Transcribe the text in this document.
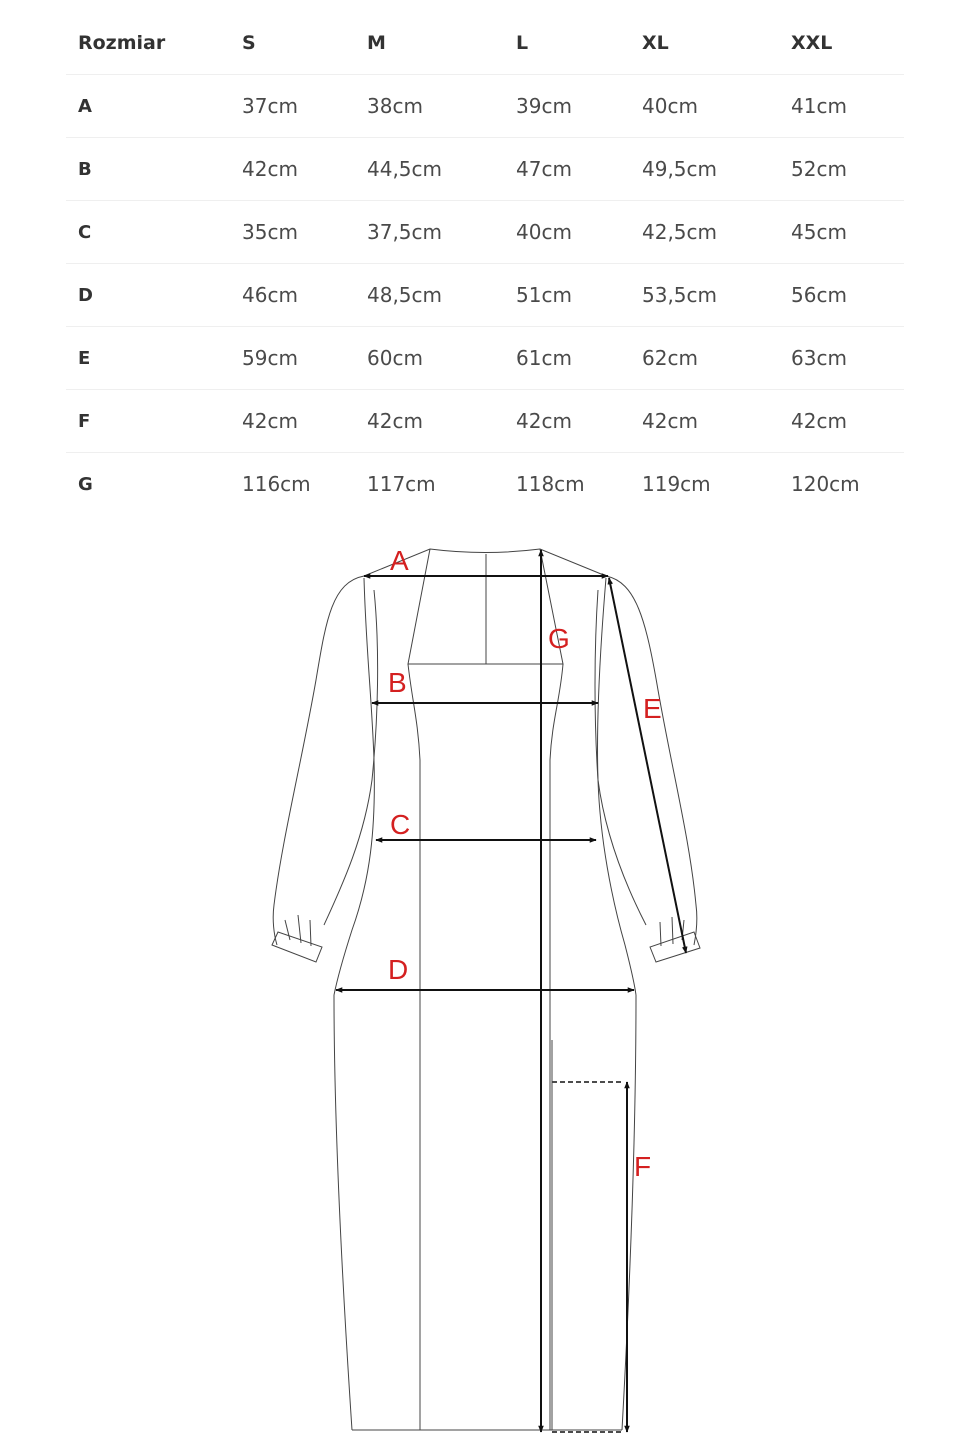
Rozmiar	S	M	L	XL	XXL
A	37cm	38cm	39cm	40cm	41cm
B	42cm	44,5cm	47cm	49,5cm	52cm
C	35cm	37,5cm	40cm	42,5cm	45cm
D	46cm	48,5cm	51cm	53,5cm	56cm
E	59cm	60cm	61cm	62cm	63cm
F	42cm	42cm	42cm	42cm	42cm
G	116cm	117cm	118cm	119cm	120cm
A
B
C
D
E
F
G
